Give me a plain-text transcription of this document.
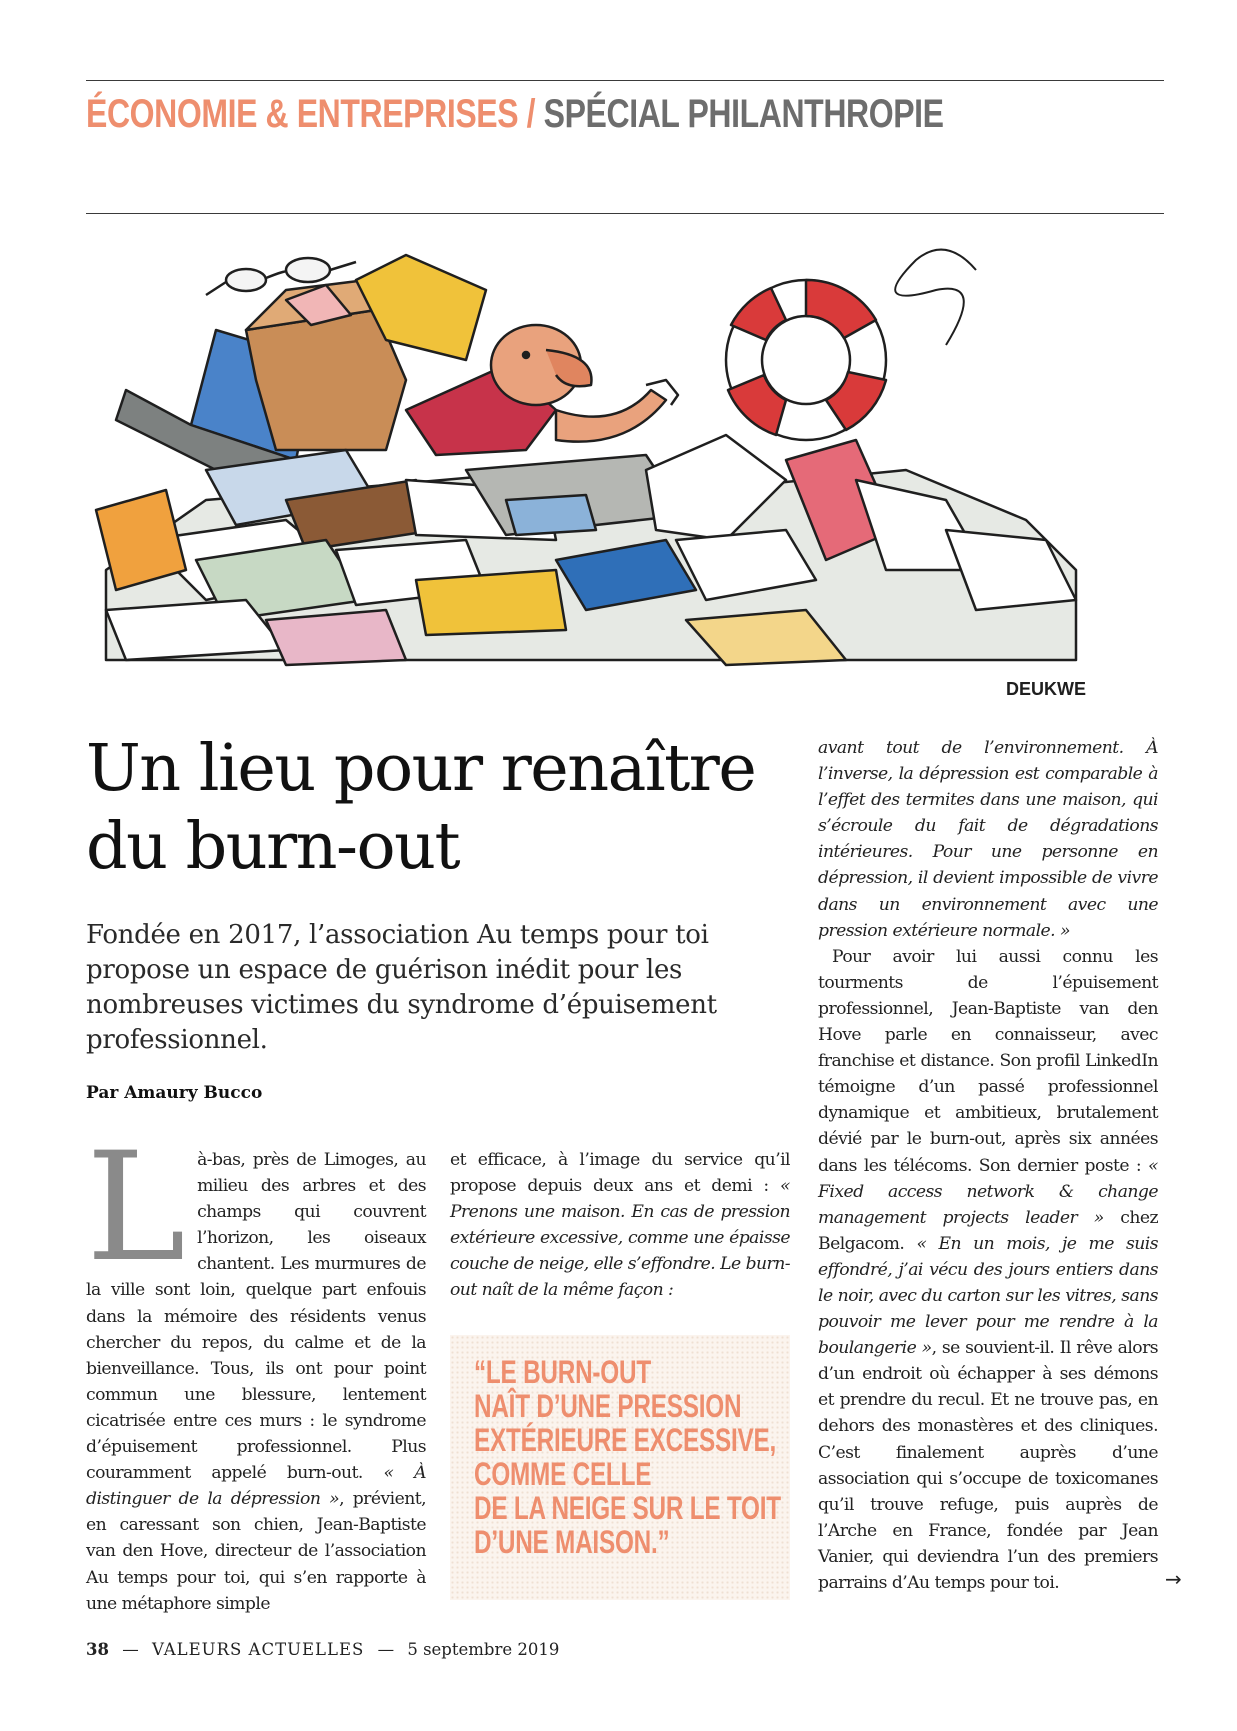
ÉCONOMIE & ENTREPRISES / SPÉCIAL PHILANTHROPIE
DEUKWE
Un lieu pour renaître
du burn-out
Fondée en 2017, l’association Au temps pour toi propose un espace de guérison inédit pour les nombreuses victimes du syndrome d’épuisement professionnel.
Par Amaury Bucco

Là-bas, près de Limoges, au milieu des arbres et des champs qui couvrent l’horizon, les oiseaux chantent. Les murmures de la ville sont loin, quelque part enfouis dans la mémoire des résidents venus chercher du repos, du calme et de la bienveillance. Tous, ils ont pour point commun une blessure, lentement cicatrisée entre ces murs : le syndrome d’épuisement professionnel. Plus couramment appelé burn-out. « À distinguer de la dépression », prévient, en caressant son chien, Jean-Baptiste van den Hove, directeur de l’association Au temps pour toi, qui s’en rapporte à une métaphore simple

et efficace, à l’image du service qu’il propose depuis deux ans et demi : « Prenons une maison. En cas de pression extérieure excessive, comme une épaisse couche de neige, elle s’effondre. Le burn-out naît de la même façon :

“LE BURN-OUT
NAÎT D’UNE PRESSION
EXTÉRIEURE EXCESSIVE,
COMME CELLE
DE LA NEIGE SUR LE TOIT
D’UNE MAISON.”

avant tout de l’environnement. À l’inverse, la dépression est comparable à l’effet des termites dans une maison, qui s’écroule du fait de dégradations intérieures. Pour une personne en dépression, il devient impossible de vivre dans un environnement avec une pression extérieure normale. »

Pour avoir lui aussi connu les tourments de l’épuisement professionnel, Jean-Baptiste van den Hove parle en connaisseur, avec franchise et distance. Son profil LinkedIn témoigne d’un passé professionnel dynamique et ambitieux, brutalement dévié par le burn-out, après six années dans les télécoms. Son dernier poste : « Fixed access network & change management projects leader » chez Belgacom. « En un mois, je me suis effondré, j’ai vécu des jours entiers dans le noir, avec du carton sur les vitres, sans pouvoir me lever pour me rendre à la boulangerie », se souvient-il. Il rêve alors d’un endroit où échapper à ses démons et prendre du recul. Et ne trouve pas, en dehors des monastères et des cliniques. C’est finalement auprès d’une association qui s’occupe de toxicomanes qu’il trouve refuge, puis auprès de l’Arche en France, fondée par Jean Vanier, qui deviendra l’un des premiers parrains d’Au temps pour toi.	→
38 — VALEURS ACTUELLES — 5 septembre 2019
